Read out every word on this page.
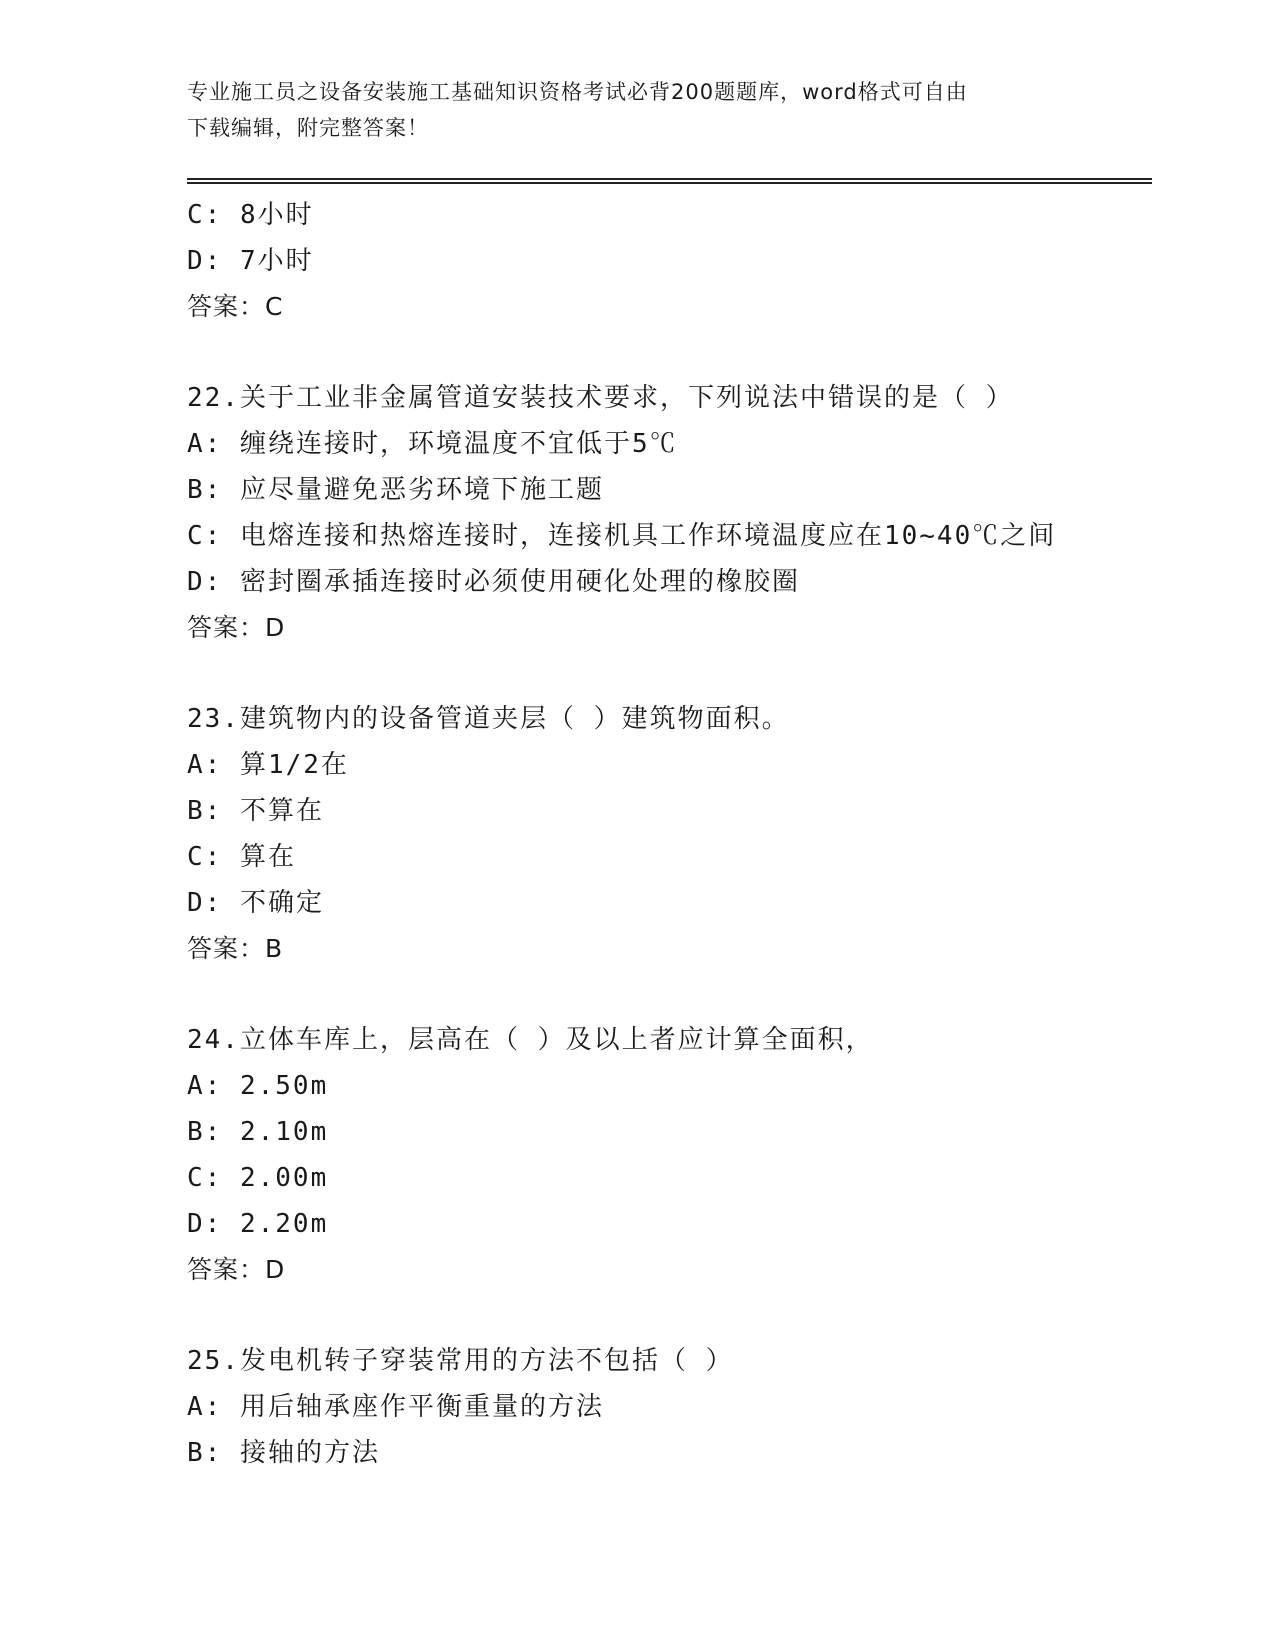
专业施工员之设备安装施工基础知识资格考试必背200题题库，word格式可自由
下载编辑，附完整答案！
C: 8小时
D: 7小时
答案：C
22.关于工业非金属管道安装技术要求，下列说法中错误的是（ ）
A: 缠绕连接时，环境温度不宜低于5℃
B: 应尽量避免恶劣环境下施工题
C: 电熔连接和热熔连接时，连接机具工作环境温度应在10~40℃之间
D: 密封圈承插连接时必须使用硬化处理的橡胶圈
答案：D
23.建筑物内的设备管道夹层（ ）建筑物面积。
A: 算1/2在
B: 不算在
C: 算在
D: 不确定
答案：B
24.立体车库上，层高在（ ）及以上者应计算全面积，
A: 2.50m
B: 2.10m
C: 2.00m
D: 2.20m
答案：D
25.发电机转子穿装常用的方法不包括（ ）
A: 用后轴承座作平衡重量的方法
B: 接轴的方法
